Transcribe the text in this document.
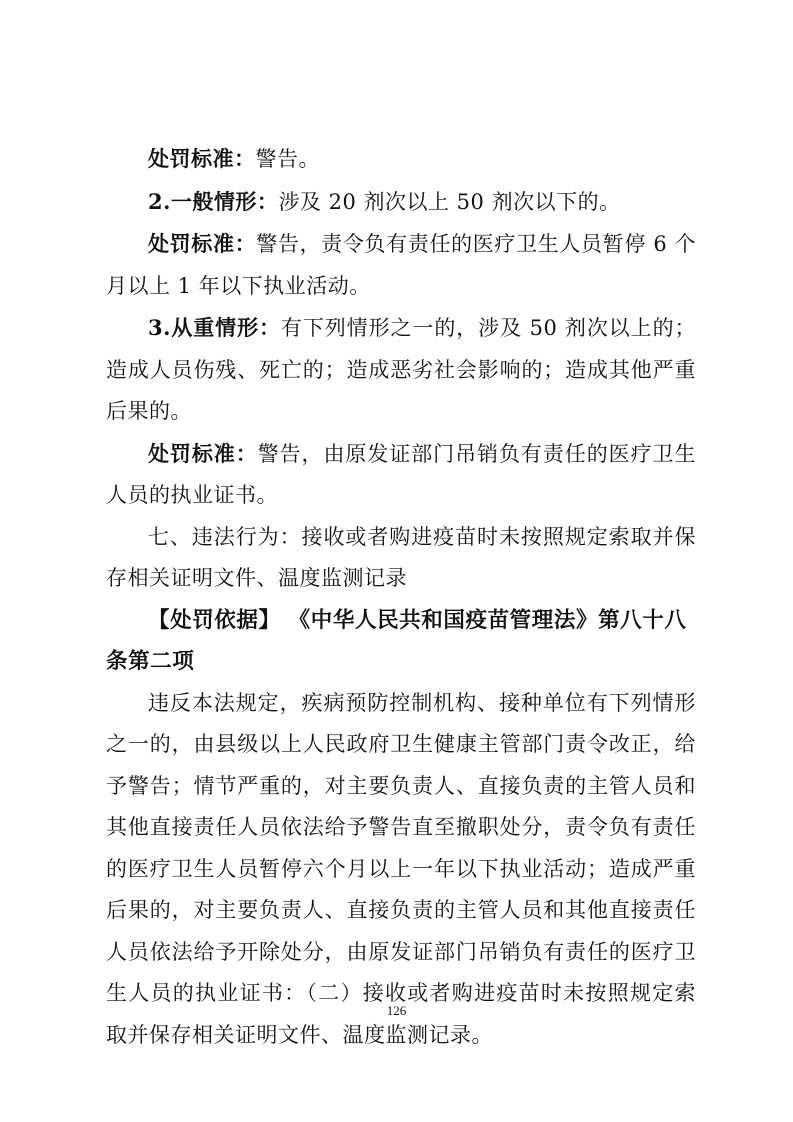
处罚标准：警告。

2.一般情形：涉及 20 剂次以上 50 剂次以下的。

处罚标准：警告，责令负有责任的医疗卫生人员暂停 6 个月以上 1 年以下执业活动。

3.从重情形：有下列情形之一的，涉及 50 剂次以上的；造成人员伤残、死亡的；造成恶劣社会影响的；造成其他严重后果的。

处罚标准：警告，由原发证部门吊销负有责任的医疗卫生人员的执业证书。

七、违法行为：接收或者购进疫苗时未按照规定索取并保存相关证明文件、温度监测记录

【处罚依据】 《中华人民共和国疫苗管理法》第八十八条第二项

违反本法规定，疾病预防控制机构、接种单位有下列情形之一的，由县级以上人民政府卫生健康主管部门责令改正，给予警告；情节严重的，对主要负责人、直接负责的主管人员和其他直接责任人员依法给予警告直至撤职处分，责令负有责任的医疗卫生人员暂停六个月以上一年以下执业活动；造成严重后果的，对主要负责人、直接负责的主管人员和其他直接责任人员依法给予开除处分，由原发证部门吊销负有责任的医疗卫生人员的执业证书：（二）接收或者购进疫苗时未按照规定索取并保存相关证明文件、温度监测记录。

126
